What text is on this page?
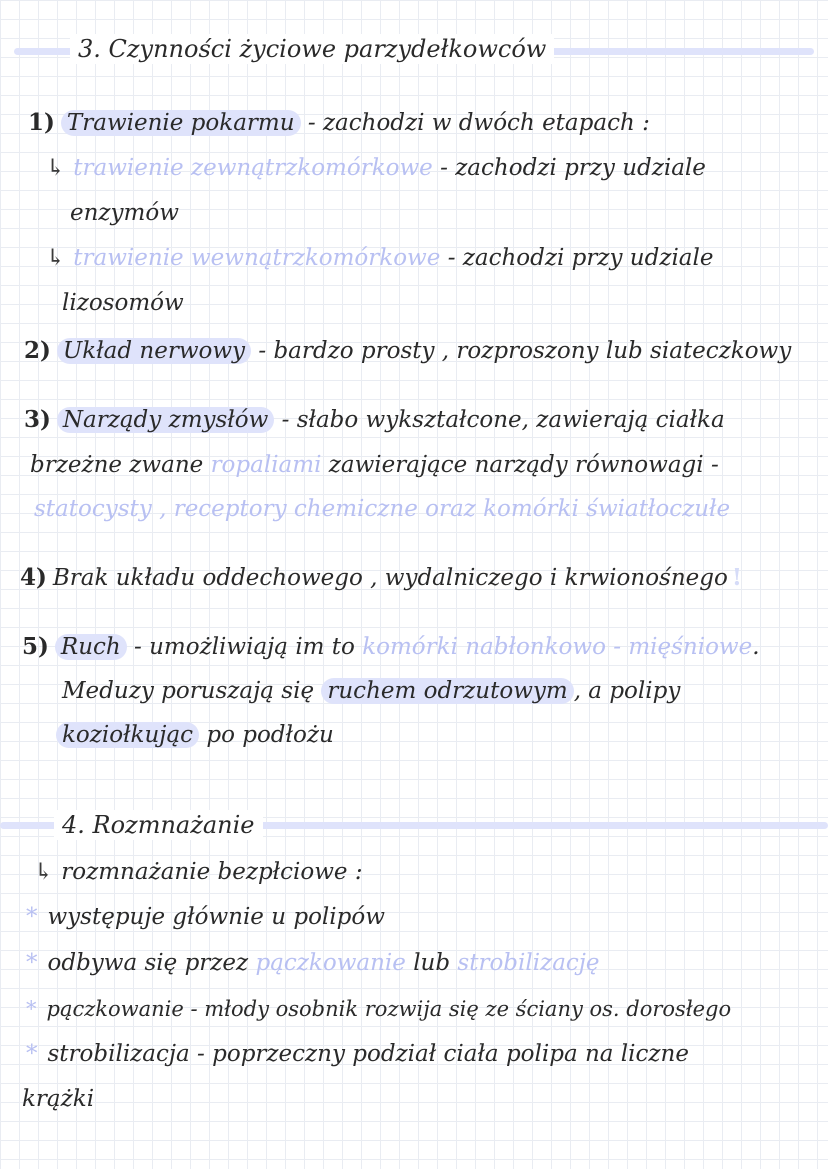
3. Czynności życiowe parzydełkowców
1) Trawienie pokarmu - zachodzi w dwóch etapach :
↳ trawienie zewnątrzkomórkowe - zachodzi przy udziale
enzymów
↳ trawienie wewnątrzkomórkowe - zachodzi przy udziale
lizosomów
2) Układ nerwowy - bardzo prosty , rozproszony lub siateczkowy
3) Narządy zmysłów - słabo wykształcone, zawierają ciałka
brzeżne zwane ropaliami zawierające narządy równowagi -
statocysty , receptory chemiczne oraz komórki światłoczułe
4) Brak układu oddechowego , wydalniczego i krwionośnego !
5) Ruch - umożliwiają im to komórki nabłonkowo - mięśniowe.
Meduzy poruszają się ruchem odrzutowym , a polipy
koziołkując po podłożu
4. Rozmnażanie
↳ rozmnażanie bezpłciowe :
* występuje głównie u polipów
* odbywa się przez pączkowanie lub strobilizację
* pączkowanie - młody osobnik rozwija się ze ściany os. dorosłego
* strobilizacja - poprzeczny podział ciała polipa na liczne
krążki
